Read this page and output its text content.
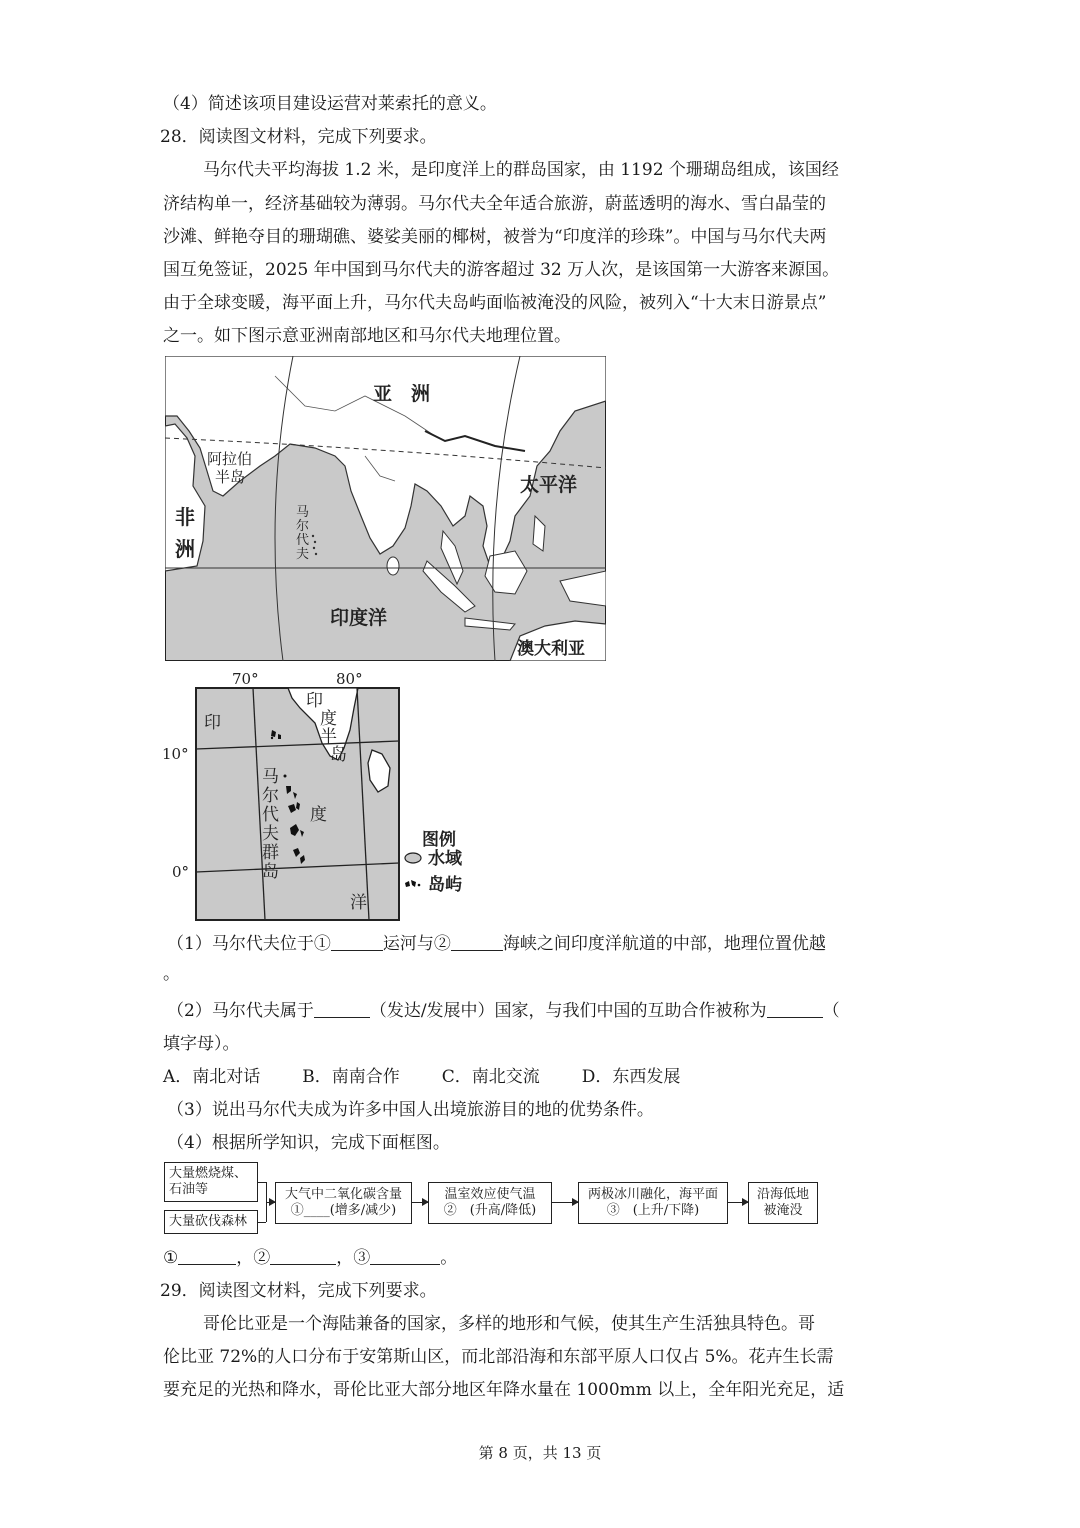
（4）简述该项目建设运营对莱索托的意义。
28．阅读图文材料，完成下列要求。
马尔代夫平均海拔 1.2 米，是印度洋上的群岛国家，由 1192 个珊瑚岛组成，该国经
济结构单一，经济基础较为薄弱。马尔代夫全年适合旅游，蔚蓝透明的海水、雪白晶莹的
沙滩、鲜艳夺目的珊瑚礁、婆娑美丽的椰树，被誉为“印度洋的珍珠”。中国与马尔代夫两
国互免签证，2025 年中国到马尔代夫的游客超过 32 万人次，是该国第一大游客来源国。
由于全球变暖，海平面上升，马尔代夫岛屿面临被淹没的风险，被列入“十大末日游景点”
之一。如下图示意亚洲南部地区和马尔代夫地理位置。
亚　洲
阿拉伯
半岛
非
洲
马
尔
代
夫
太平洋
印度洋
澳大利亚
70°	80°
10°
0°
印
印
度
半
岛
马
尔
代
夫
群
岛
度
洋
图例
水域
岛屿
（1）马尔代夫位于①	运河与②	海峡之间印度洋航道的中部，地理位置优越
。
（2）马尔代夫属于	（发达/发展中）国家，与我们中国的互助合作被称为	（
填字母）。
A．南北对话 B．南南合作 C．南北交流 D．东西发展
（3）说出马尔代夫成为许多中国人出境旅游目的地的优势条件。
（4）根据所学知识，完成下面框图。
大量燃烧煤、
石油等
大量砍伐森林
大气中二氧化碳含量
①____(增多/减少)
温室效应使气温
②　(升高/降低)
两极冰川融化，海平面
③　(上升/下降)
沿海低地
被淹没
①	，②	，③	。
29．阅读图文材料，完成下列要求。
哥伦比亚是一个海陆兼备的国家，多样的地形和气候，使其生产生活独具特色。哥
伦比亚 72%的人口分布于安第斯山区，而北部沿海和东部平原人口仅占 5%。花卉生长需
要充足的光热和降水，哥伦比亚大部分地区年降水量在 1000mm 以上，全年阳光充足，适
第 8 页，共 13 页
